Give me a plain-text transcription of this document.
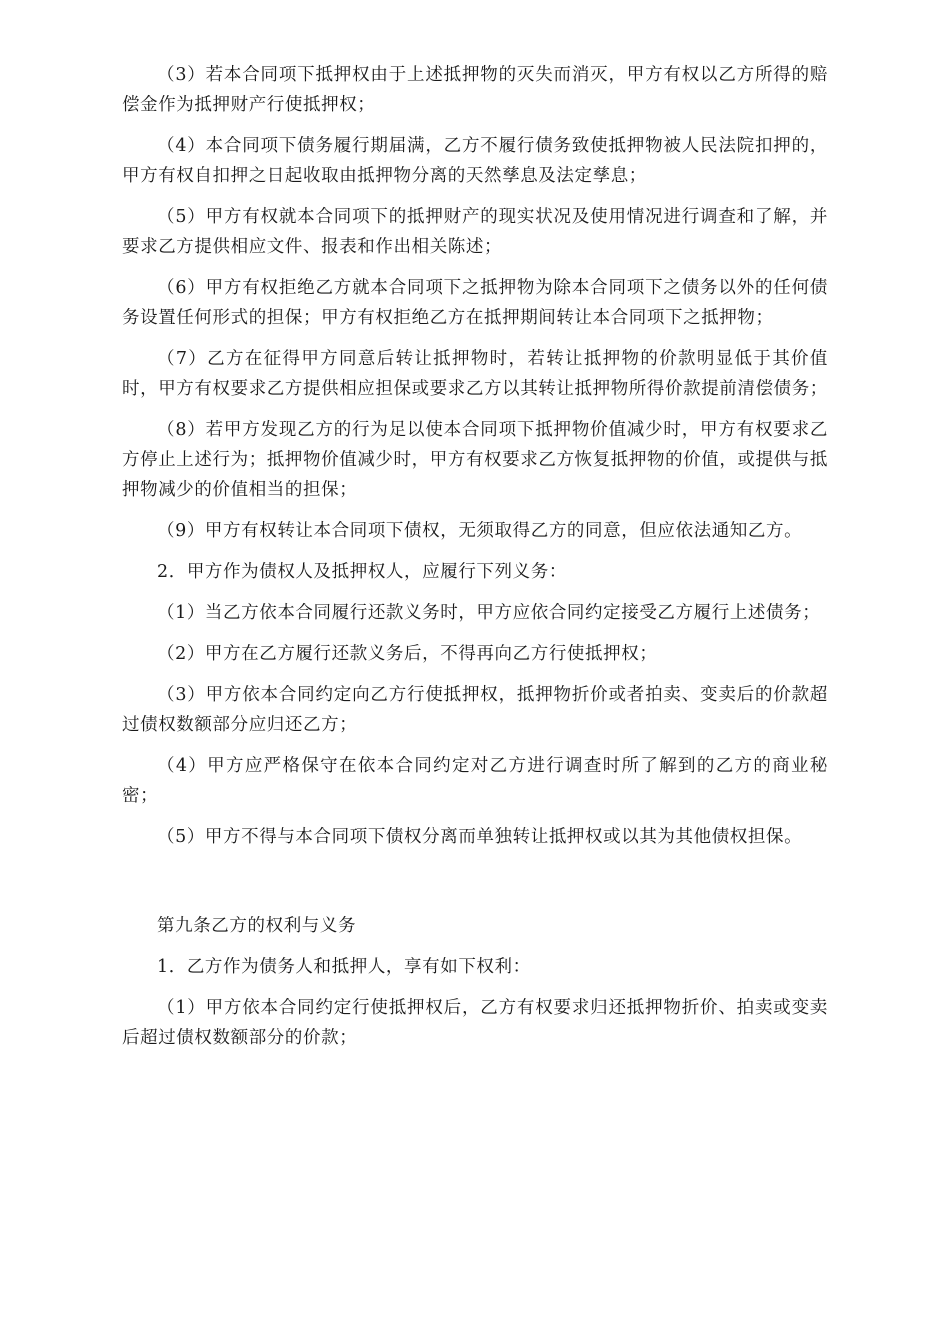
（3）若本合同项下抵押权由于上述抵押物的灭失而消灭，甲方有权以乙方所得的赔偿金作为抵押财产行使抵押权；

（4）本合同项下债务履行期届满，乙方不履行债务致使抵押物被人民法院扣押的，甲方有权自扣押之日起收取由抵押物分离的天然孳息及法定孳息；

（5）甲方有权就本合同项下的抵押财产的现实状况及使用情况进行调查和了解，并要求乙方提供相应文件、报表和作出相关陈述；

（6）甲方有权拒绝乙方就本合同项下之抵押物为除本合同项下之债务以外的任何债务设置任何形式的担保；甲方有权拒绝乙方在抵押期间转让本合同项下之抵押物；

（7）乙方在征得甲方同意后转让抵押物时，若转让抵押物的价款明显低于其价值时，甲方有权要求乙方提供相应担保或要求乙方以其转让抵押物所得价款提前清偿债务；

（8）若甲方发现乙方的行为足以使本合同项下抵押物价值减少时，甲方有权要求乙方停止上述行为；抵押物价值减少时，甲方有权要求乙方恢复抵押物的价值，或提供与抵押物减少的价值相当的担保；

（9）甲方有权转让本合同项下债权，无须取得乙方的同意，但应依法通知乙方。

2．甲方作为债权人及抵押权人，应履行下列义务：

（1）当乙方依本合同履行还款义务时，甲方应依合同约定接受乙方履行上述债务；

（2）甲方在乙方履行还款义务后，不得再向乙方行使抵押权；

（3）甲方依本合同约定向乙方行使抵押权，抵押物折价或者拍卖、变卖后的价款超过债权数额部分应归还乙方；

（4）甲方应严格保守在依本合同约定对乙方进行调查时所了解到的乙方的商业秘密；

（5）甲方不得与本合同项下债权分离而单独转让抵押权或以其为其他债权担保。

第九条乙方的权利与义务

1．乙方作为债务人和抵押人，享有如下权利：

（1）甲方依本合同约定行使抵押权后，乙方有权要求归还抵押物折价、拍卖或变卖后超过债权数额部分的价款；
